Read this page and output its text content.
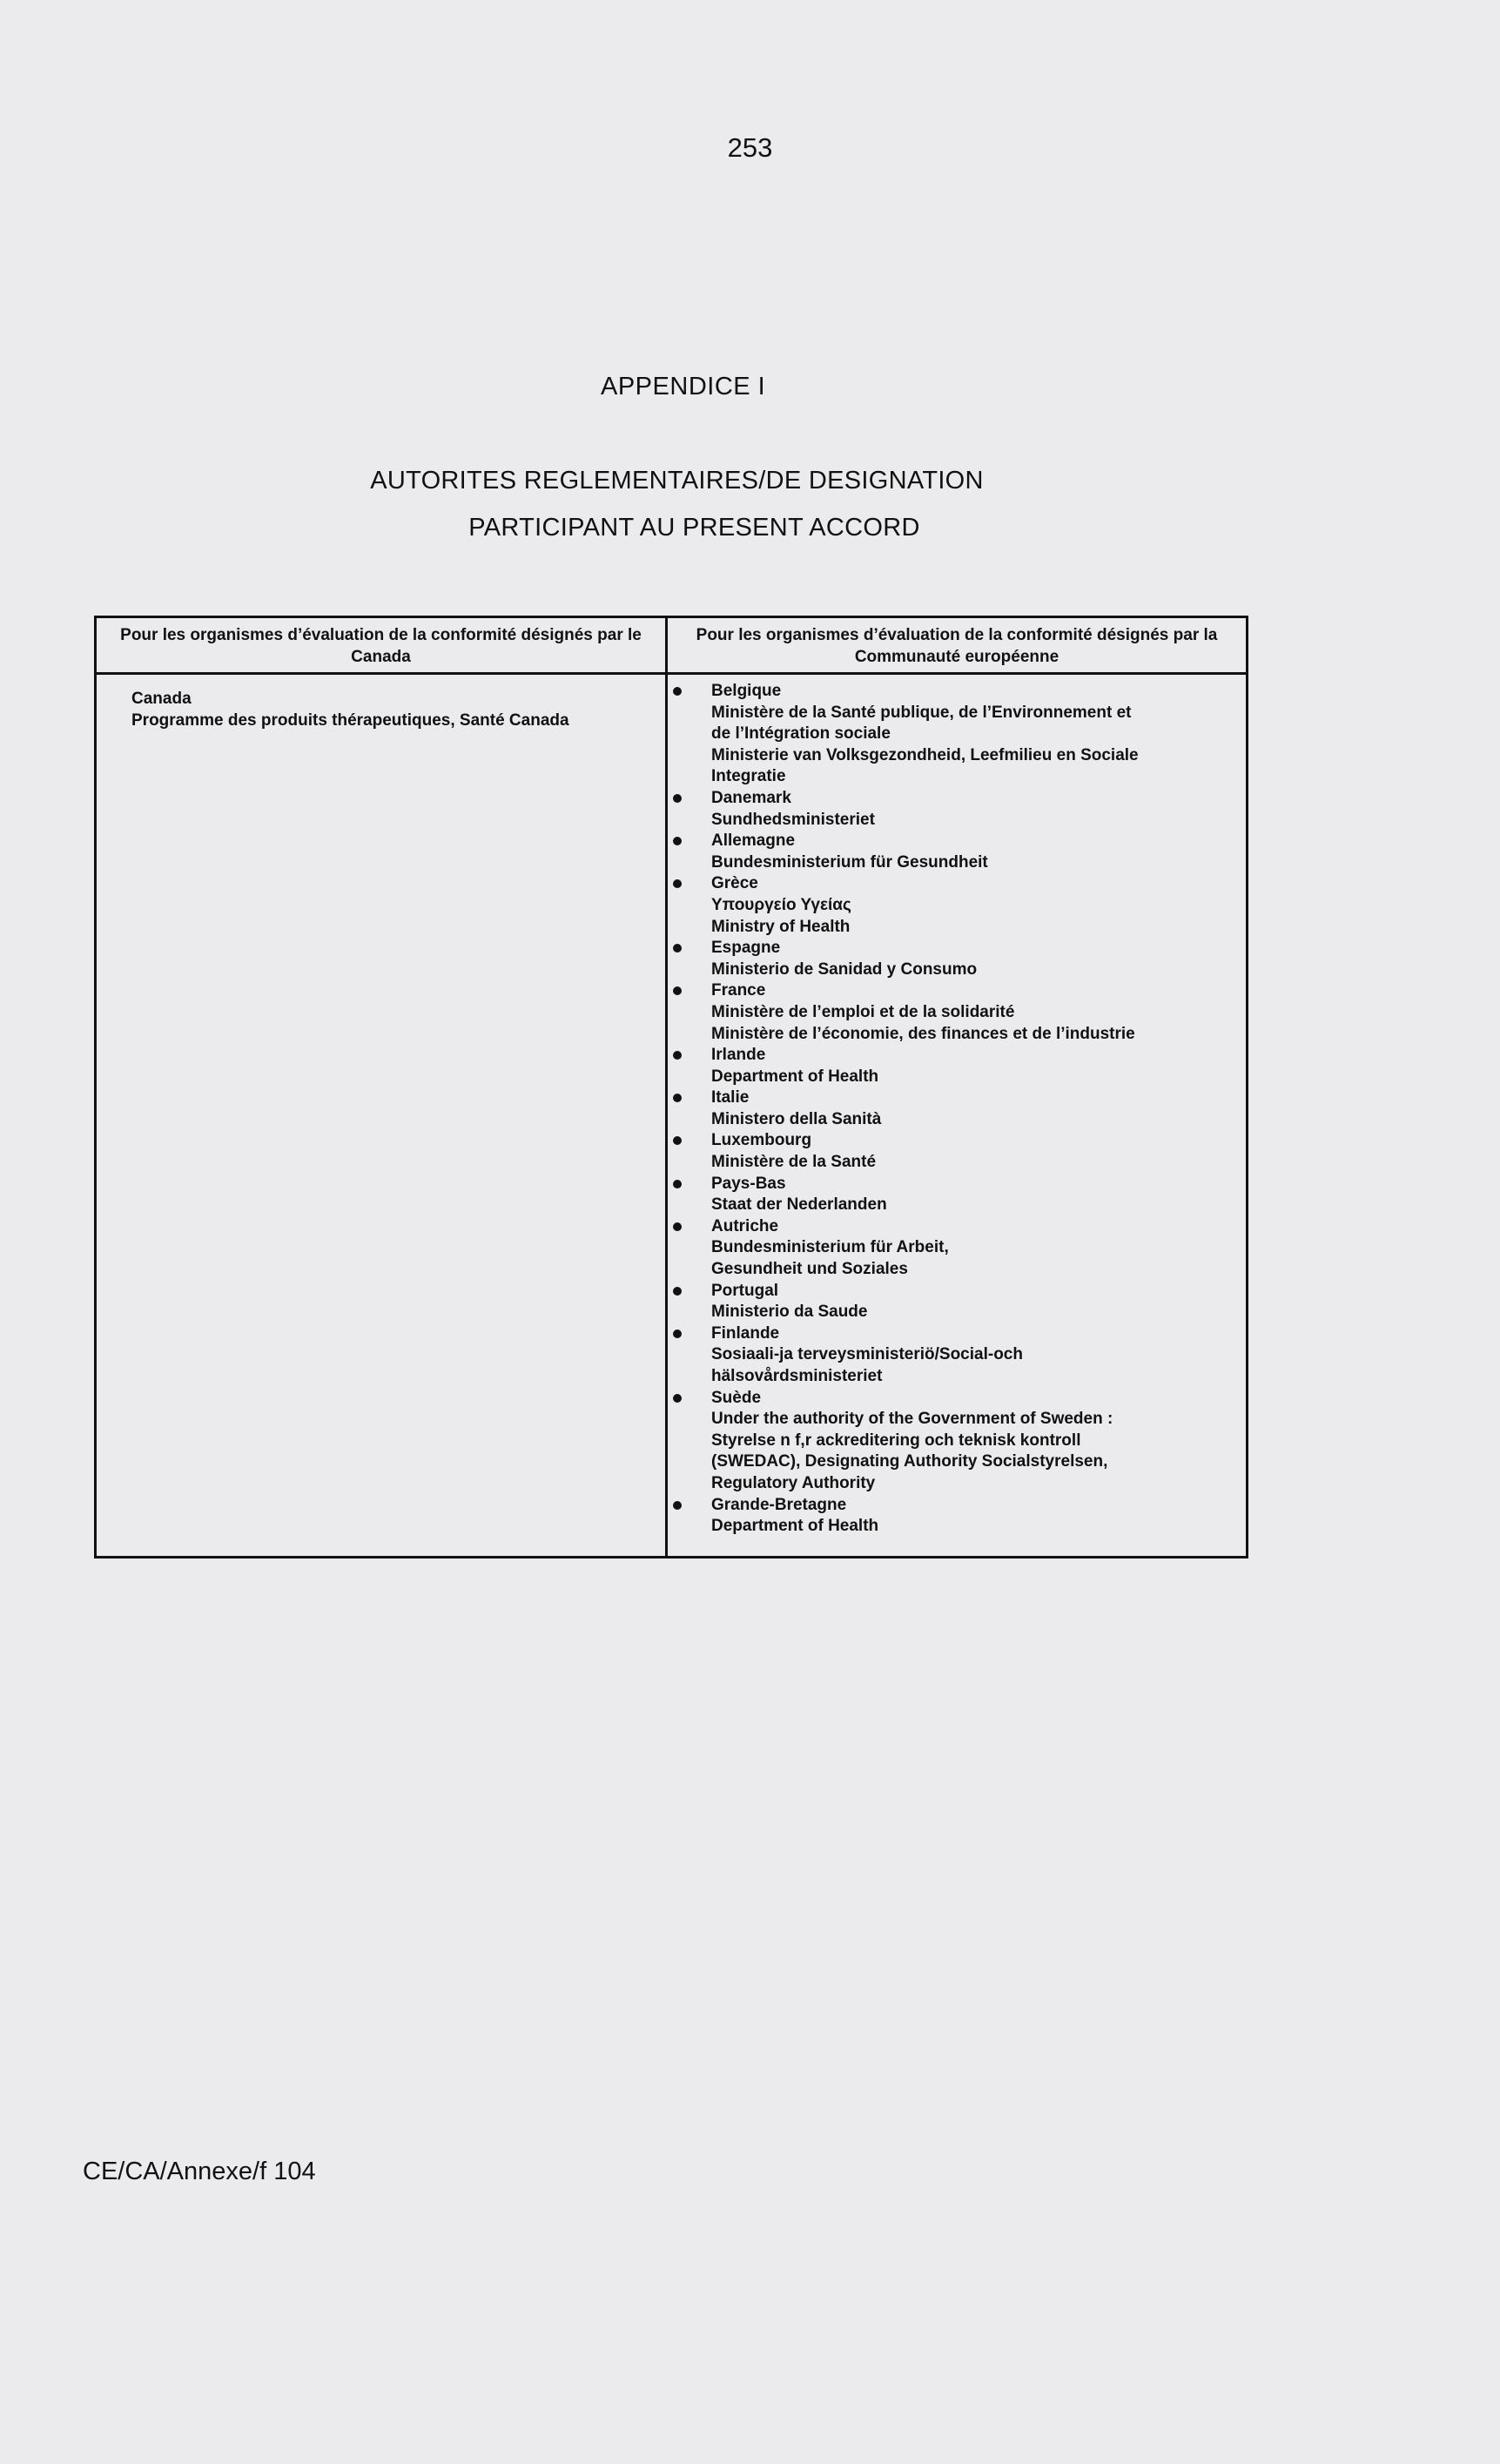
253
APPENDICE I
AUTORITES REGLEMENTAIRES/DE DESIGNATION
PARTICIPANT AU PRESENT ACCORD
Pour les organismes d’évaluation de la conformité désignés par le Canada
Pour les organismes d’évaluation de la conformité désignés par la Communauté européenne
Canada
Programme des produits thérapeutiques, Santé Canada
Belgique
Ministère de la Santé publique, de l’Environnement et
de l’Intégration sociale
Ministerie van Volksgezondheid, Leefmilieu en Sociale
Integratie
Danemark
Sundhedsministeriet
Allemagne
Bundesministerium für Gesundheit
Grèce
Υπουργείο Υγείας
Ministry of Health
Espagne
Ministerio de Sanidad y Consumo
France
Ministère de l’emploi et de la solidarité
Ministère de l’économie, des finances et de l’industrie
Irlande
Department of Health
Italie
Ministero della Sanità
Luxembourg
Ministère de la Santé
Pays-Bas
Staat der Nederlanden
Autriche
Bundesministerium für Arbeit,
Gesundheit und Soziales
Portugal
Ministerio da Saude
Finlande
Sosiaali-ja terveysministeriö/Social-och
hälsovårdsministeriet
Suède
Under the authority of the Government of Sweden :
Styrelse n f,r ackreditering och teknisk kontroll
(SWEDAC), Designating Authority Socialstyrelsen,
Regulatory Authority
Grande-Bretagne
Department of Health
CE/CA/Annexe/f 104
